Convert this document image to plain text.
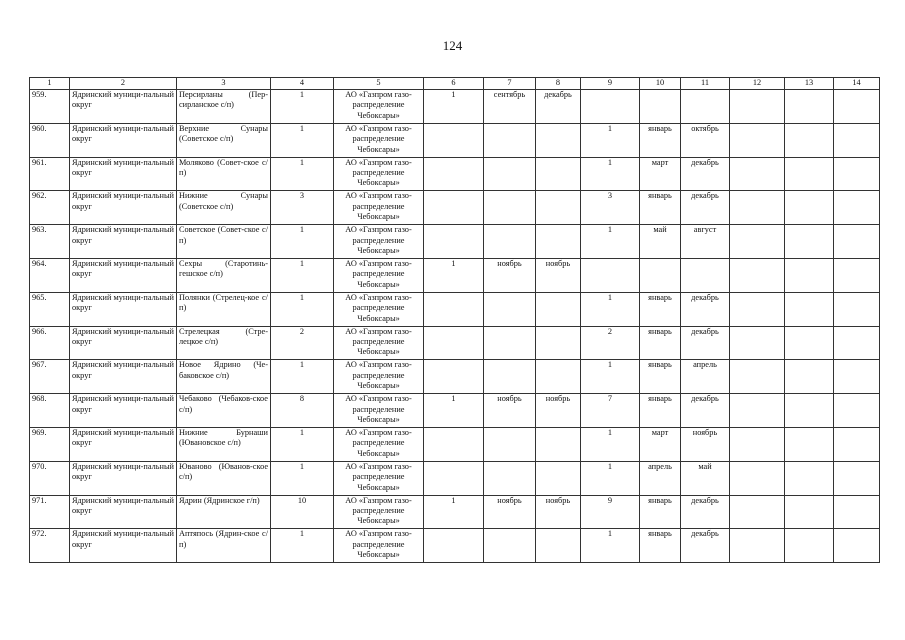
124
1	2	3	4	5	6	7	8	9	10	11	12	13	14
959.	Ядринский муници-пальный округ	Персирланы (Пер-сирланское с/п)	1	АО «Газпром газо-распределение Чебоксары»	1	сентябрь	декабрь						
960.	Ядринский муници-пальный округ	Верхние Сунары (Советское с/п)	1	АО «Газпром газо-распределение Чебоксары»				1	январь	октябрь			
961.	Ядринский муници-пальный округ	Моляково (Совет-ское с/п)	1	АО «Газпром газо-распределение Чебоксары»				1	март	декабрь			
962.	Ядринский муници-пальный округ	Нижние Сунары (Советское с/п)	3	АО «Газпром газо-распределение Чебоксары»				3	январь	декабрь			
963.	Ядринский муници-пальный округ	Советское (Совет-ское с/п)	1	АО «Газпром газо-распределение Чебоксары»				1	май	август			
964.	Ядринский муници-пальный округ	Сехры (Старотинь-гешское с/п)	1	АО «Газпром газо-распределение Чебоксары»	1	ноябрь	ноябрь						
965.	Ядринский муници-пальный округ	Полянки (Стрелец-кое с/п)	1	АО «Газпром газо-распределение Чебоксары»				1	январь	декабрь			
966.	Ядринский муници-пальный округ	Стрелецкая (Стре-лецкое с/п)	2	АО «Газпром газо-распределение Чебоксары»				2	январь	декабрь			
967.	Ядринский муници-пальный округ	Новое Ядрино (Че-баковское с/п)	1	АО «Газпром газо-распределение Чебоксары»				1	январь	апрель			
968.	Ядринский муници-пальный округ	Чебаково (Чебаков-ское с/п)	8	АО «Газпром газо-распределение Чебоксары»	1	ноябрь	ноябрь	7	январь	декабрь			
969.	Ядринский муници-пальный округ	Нижние Бурнаши (Ювановское с/п)	1	АО «Газпром газо-распределение Чебоксары»				1	март	ноябрь			
970.	Ядринский муници-пальный округ	Юваново (Юванов-ское с/п)	1	АО «Газпром газо-распределение Чебоксары»				1	апрель	май			
971.	Ядринский муници-пальный округ	Ядрин (Ядринское г/п)	10	АО «Газпром газо-распределение Чебоксары»	1	ноябрь	ноябрь	9	январь	декабрь			
972.	Ядринский муници-пальный округ	Аптяпось (Ядрин-ское с/п)	1	АО «Газпром газо-распределение Чебоксары»				1	январь	декабрь			
